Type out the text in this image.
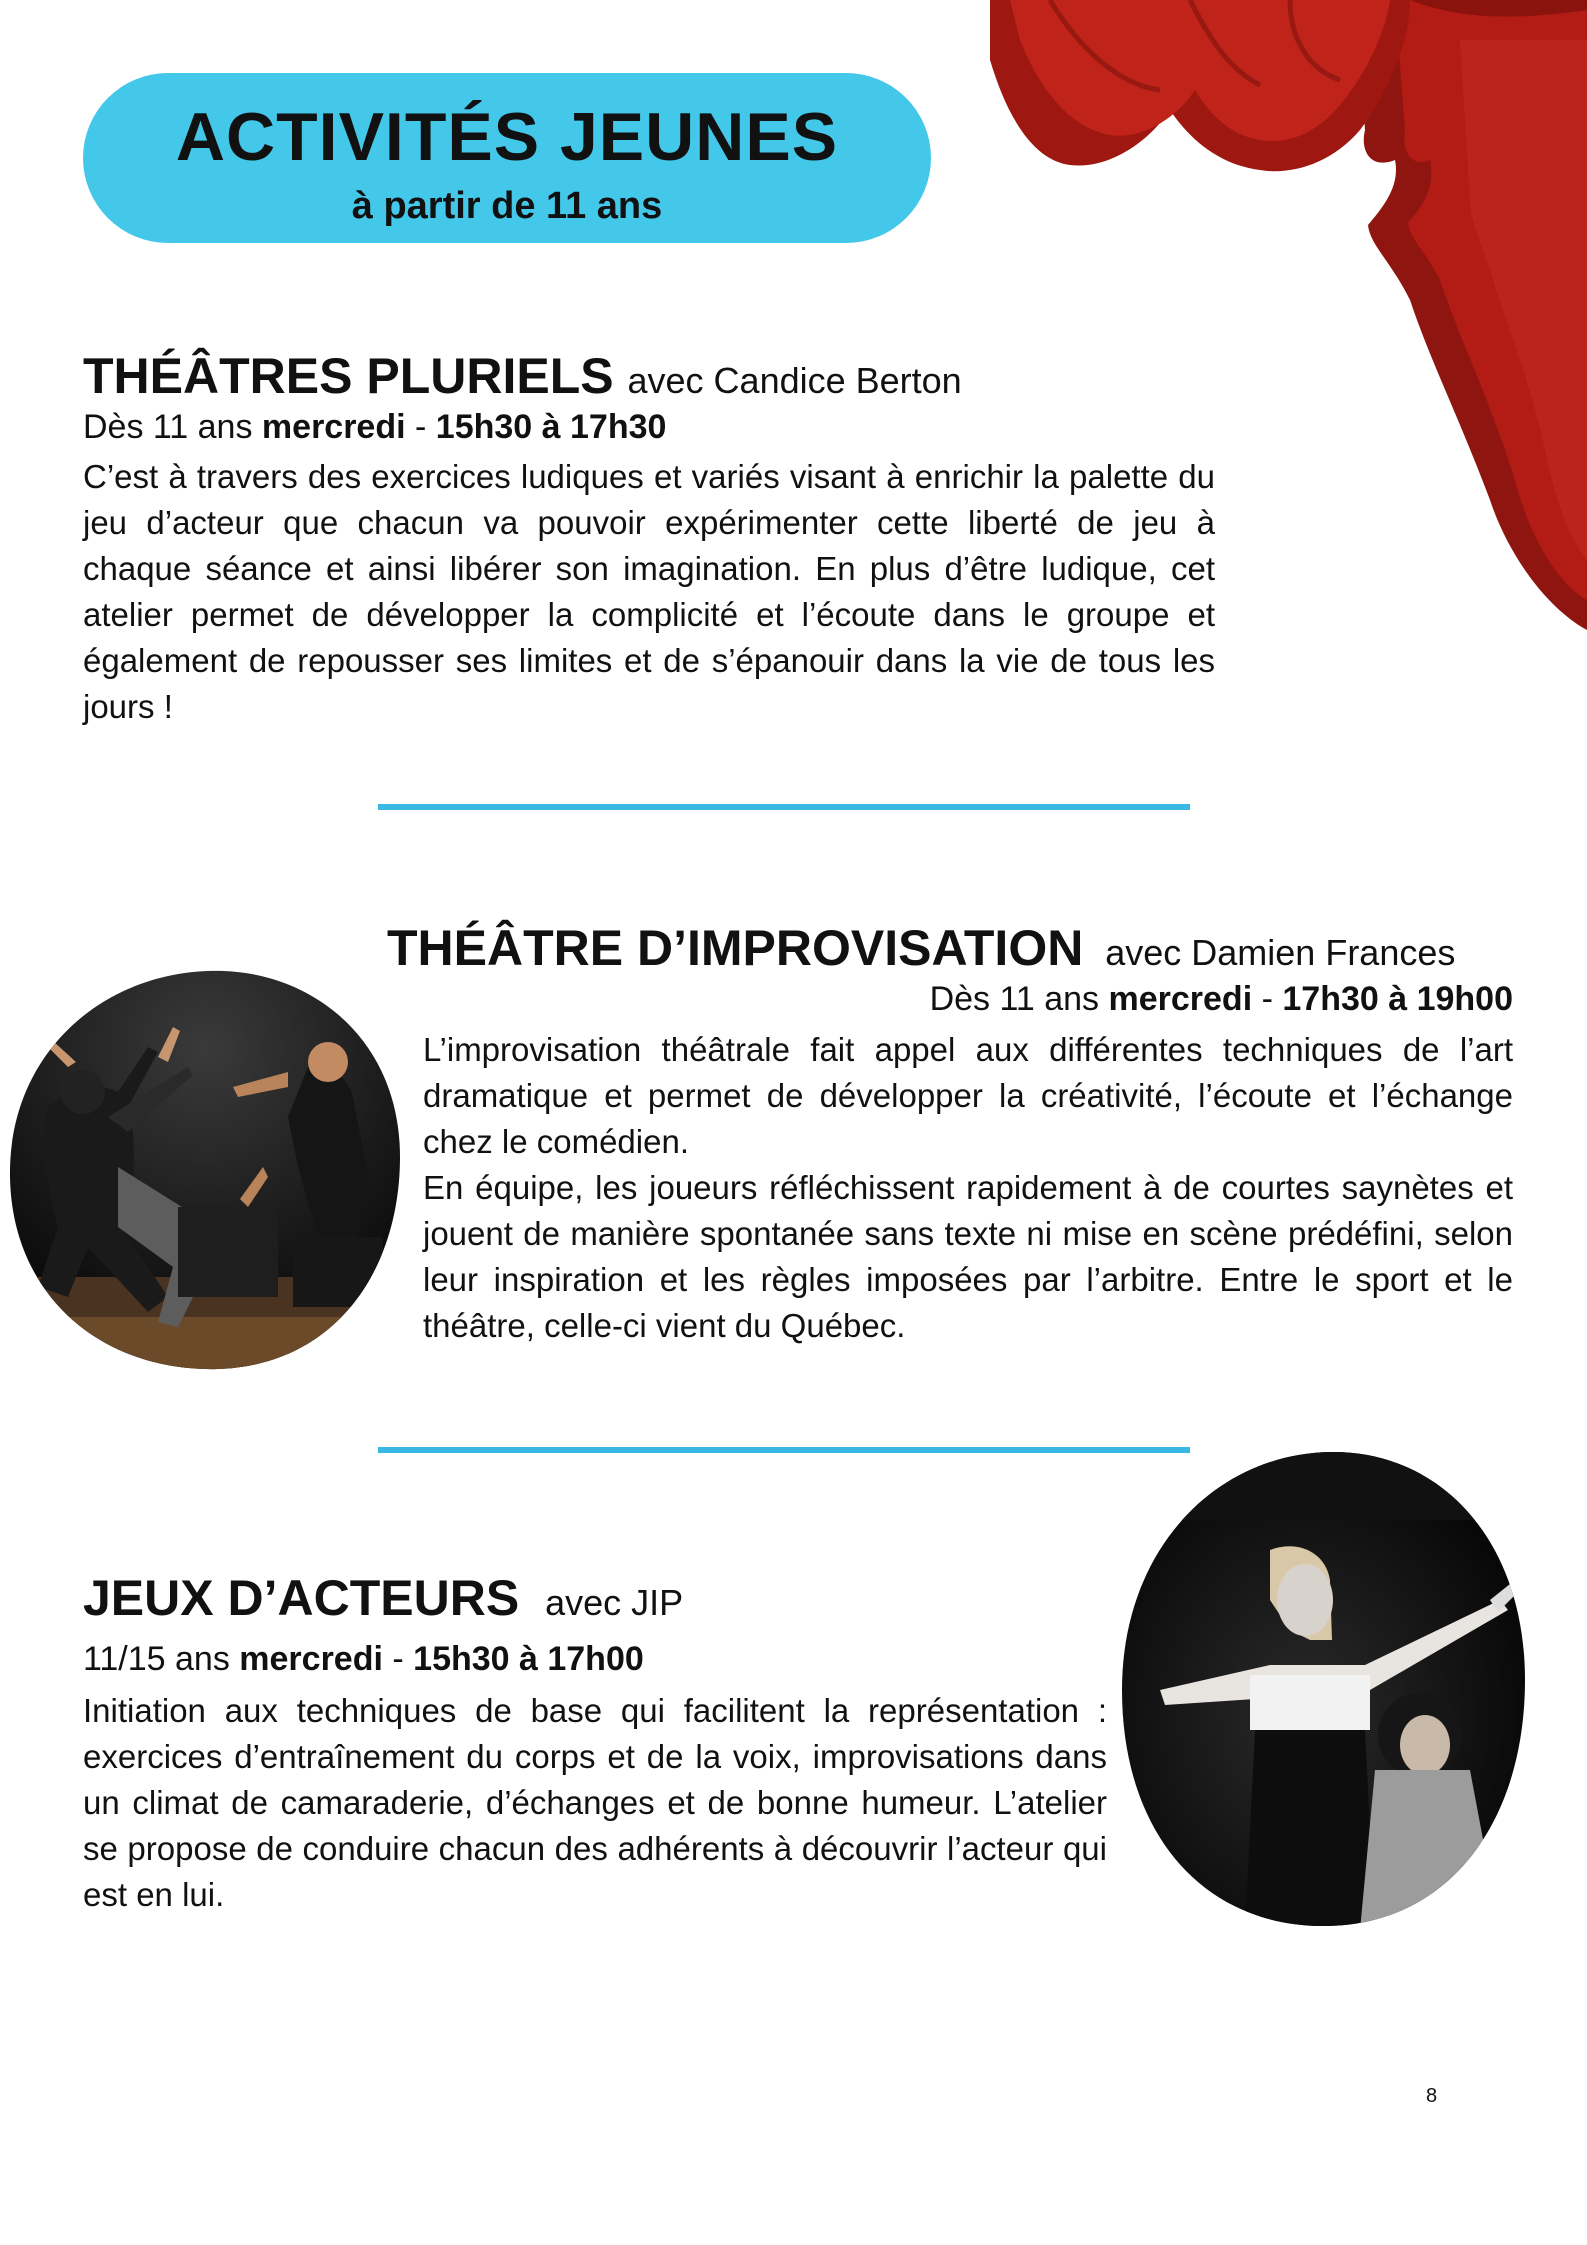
ACTIVITÉS JEUNES
à partir de 11 ans
THÉÂTRES PLURIELS avec Candice Berton
Dès 11 ans mercredi - 15h30 à 17h30

C’est à travers des exercices ludiques et variés visant à enrichir la palette du jeu d’acteur que chacun va pouvoir expérimenter cette liberté de jeu à chaque séance et ainsi libérer son imagination. En plus d’être ludique, cet atelier permet de développer la complicité et l’écoute dans le groupe et également de repousser ses limites et de s’épanouir dans la vie de tous les jours !

THÉÂTRE D’IMPROVISATION avec Damien Frances
Dès 11 ans mercredi - 17h30 à 19h00

L’improvisation théâtrale fait appel aux différentes techniques de l’art dramatique et permet de développer la créativité, l’écoute et l’échange chez le comédien.

En équipe, les joueurs réfléchissent rapidement à de courtes saynètes et jouent de manière spontanée sans texte ni mise en scène prédéfini, selon leur inspiration et les règles imposées par l’arbitre. Entre le sport et le théâtre, celle-ci vient du Québec.

JEUX D’ACTEURS avec JIP
11/15 ans mercredi - 15h30 à 17h00

Initiation aux techniques de base qui facilitent la représentation : exercices d’entraînement du corps et de la voix, improvisations dans un climat de camaraderie, d’échanges et de bonne humeur. L’atelier se propose de conduire chacun des adhérents à découvrir l’acteur qui est en lui.

8
